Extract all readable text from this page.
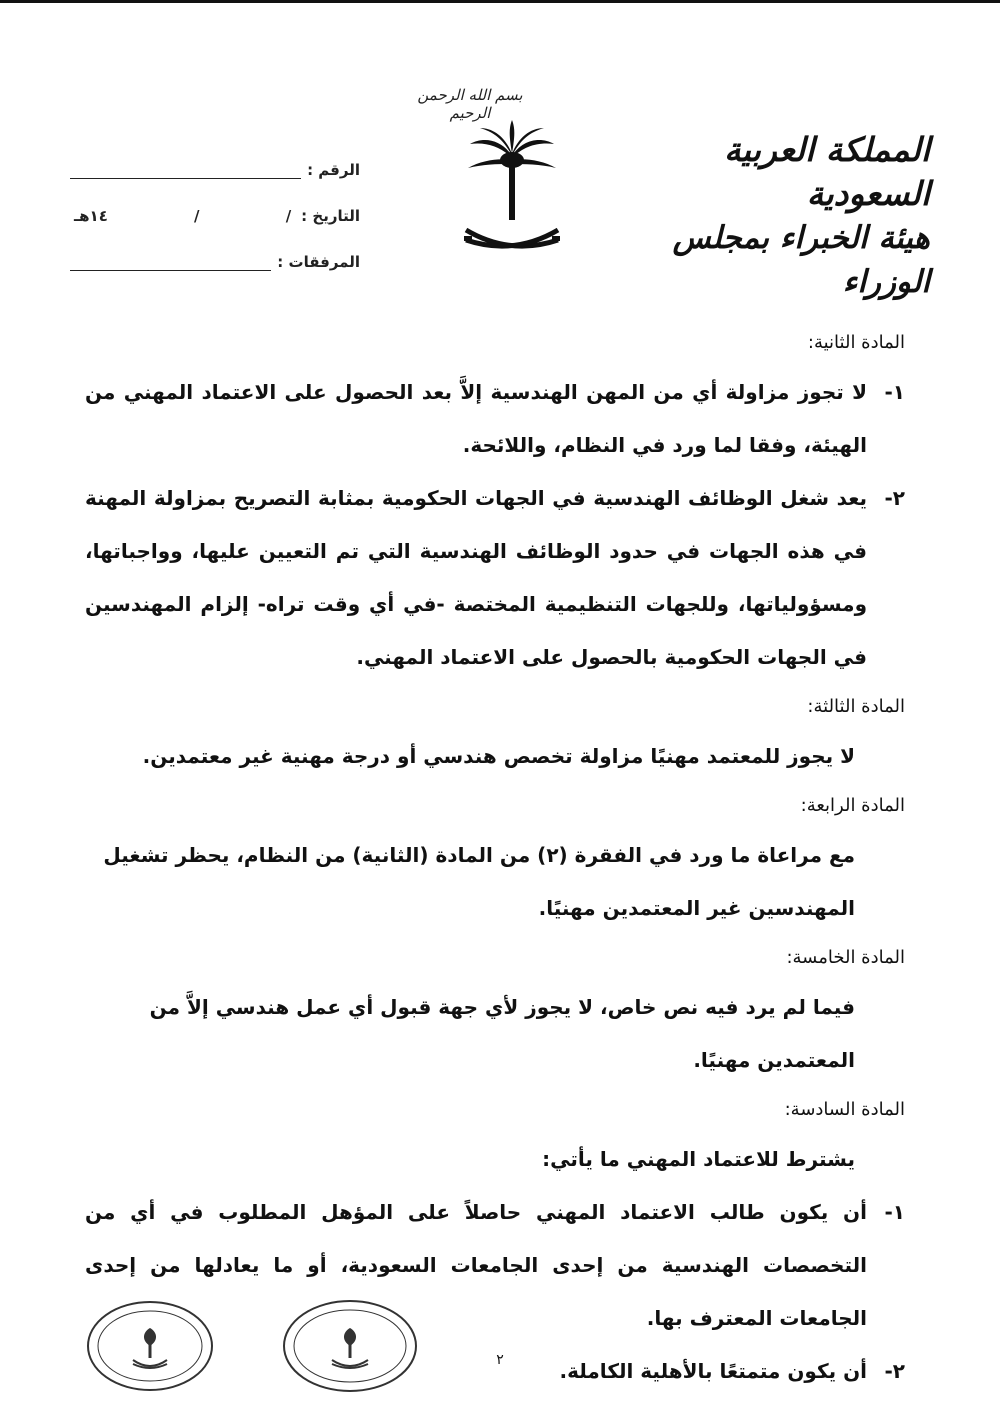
بسم الله الرحمن الرحيم
المملكة العربية السعودية
هيئة الخبراء بمجلس الوزراء
الرقم :
التاريخ :
/
/
١٤هـ
المرفقات :
المادة الثانية:
١-
لا تجوز مزاولة أي من المهن الهندسية إلاَّ بعد الحصول على الاعتماد المهني من الهيئة، وفقا لما ورد في النظام، واللائحة.
٢-
يعد شغل الوظائف الهندسية في الجهات الحكومية بمثابة التصريح بمزاولة المهنة في هذه الجهات في حدود الوظائف الهندسية التي تم التعيين عليها، وواجباتها، ومسؤولياتها، وللجهات التنظيمية المختصة -في أي وقت تراه- إلزام المهندسين في الجهات الحكومية بالحصول على الاعتماد المهني.
المادة الثالثة:
لا يجوز للمعتمد مهنيًا مزاولة تخصص هندسي أو درجة مهنية غير معتمدين.
المادة الرابعة:
مع مراعاة ما ورد في الفقرة (٢) من المادة (الثانية) من النظام، يحظر تشغيل المهندسين غير المعتمدين مهنيًا.
المادة الخامسة:
فيما لم يرد فيه نص خاص، لا يجوز لأي جهة قبول أي عمل هندسي إلاَّ من المعتمدين مهنيًا.
المادة السادسة:
يشترط للاعتماد المهني ما يأتي:
١-
أن يكون طالب الاعتماد المهني حاصلاً على المؤهل المطلوب في أي من التخصصات الهندسية من إحدى الجامعات السعودية، أو ما يعادلها من إحدى الجامعات المعترف بها.
٢-
أن يكون متمتعًا بالأهلية الكاملة.
٢
